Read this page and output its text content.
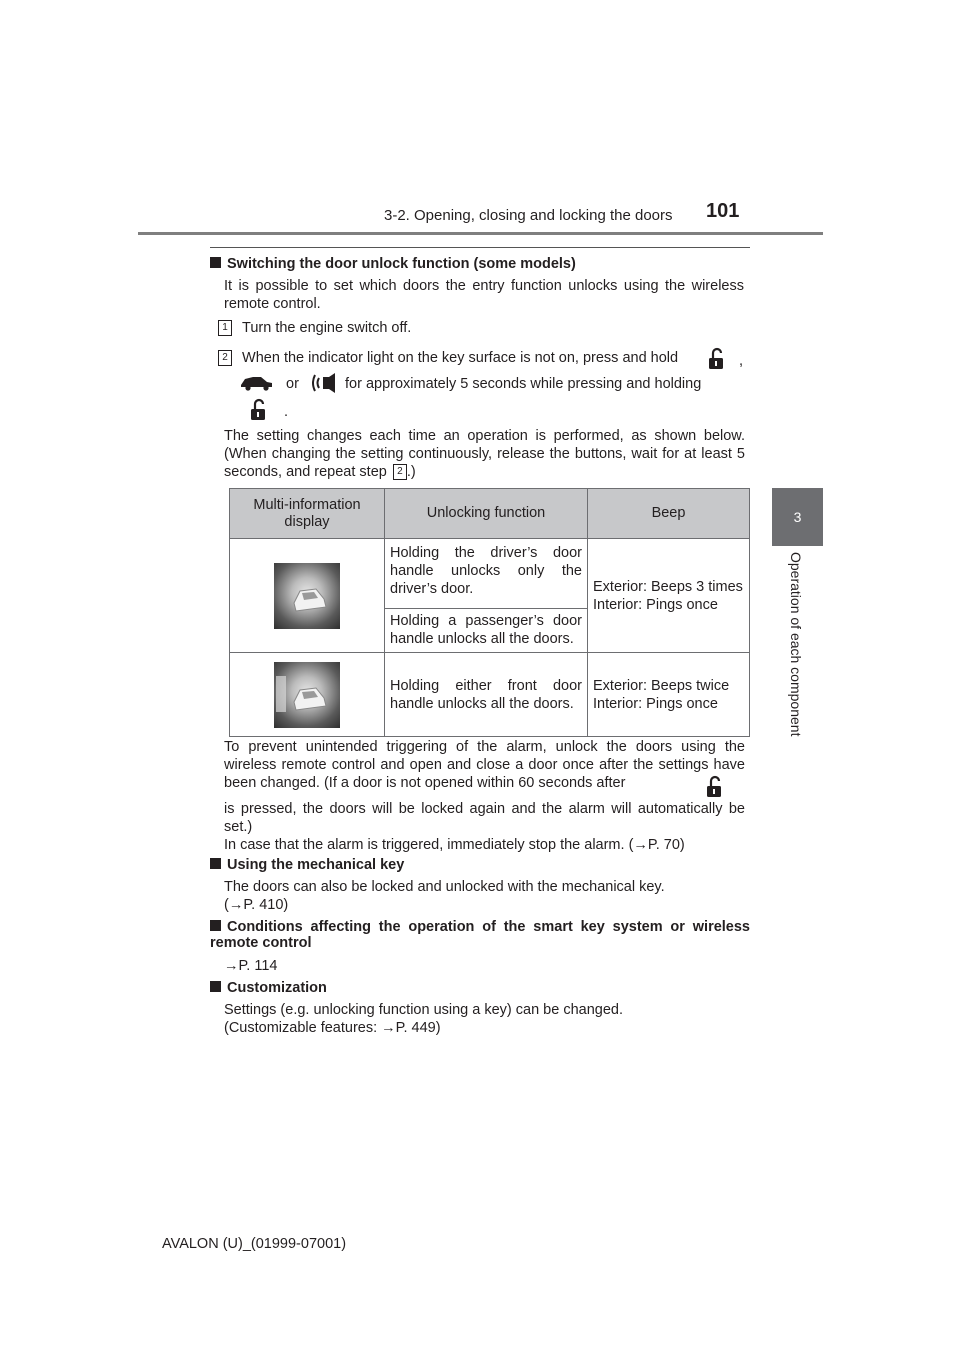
3-2. Opening, closing and locking the doors 101
3
Operation of each component
Switching the door unlock function (some models)
It is possible to set which doors the entry function unlocks using the wireless remote control.
1 Turn the engine switch off.
2 When the indicator light on the key surface is not on, press and hold	,
or	for approximately 5 seconds while pressing and holding
.
The setting changes each time an operation is performed, as shown below. (When changing the setting continuously, release the buttons, wait for at least 5 seconds, and repeat step 2 .)
Multi-information display	Unlocking function	Beep

	Holding the driver’s door handle unlocks only the driver’s door.	Exterior: Beeps 3 times
Interior: Pings once
	Holding a passenger’s door handle unlocks all the doors.	

	Holding either front door handle unlocks all the doors.	Exterior: Beeps twice
Interior: Pings once
To prevent unintended triggering of the alarm, unlock the doors using the wireless remote control and open and close a door once after the settings have been changed. (If a door is not opened within 60 seconds after
is pressed, the doors will be locked again and the alarm will automatically be set.)
In case that the alarm is triggered, immediately stop the alarm. (→P. 70)
Using the mechanical key
The doors can also be locked and unlocked with the mechanical key.
(→P. 410)
Conditions affecting the operation of the smart key system or wireless remote control
→P. 114
Customization
Settings (e.g. unlocking function using a key) can be changed.
(Customizable features: →P. 449)
AVALON (U)_(01999-07001)
